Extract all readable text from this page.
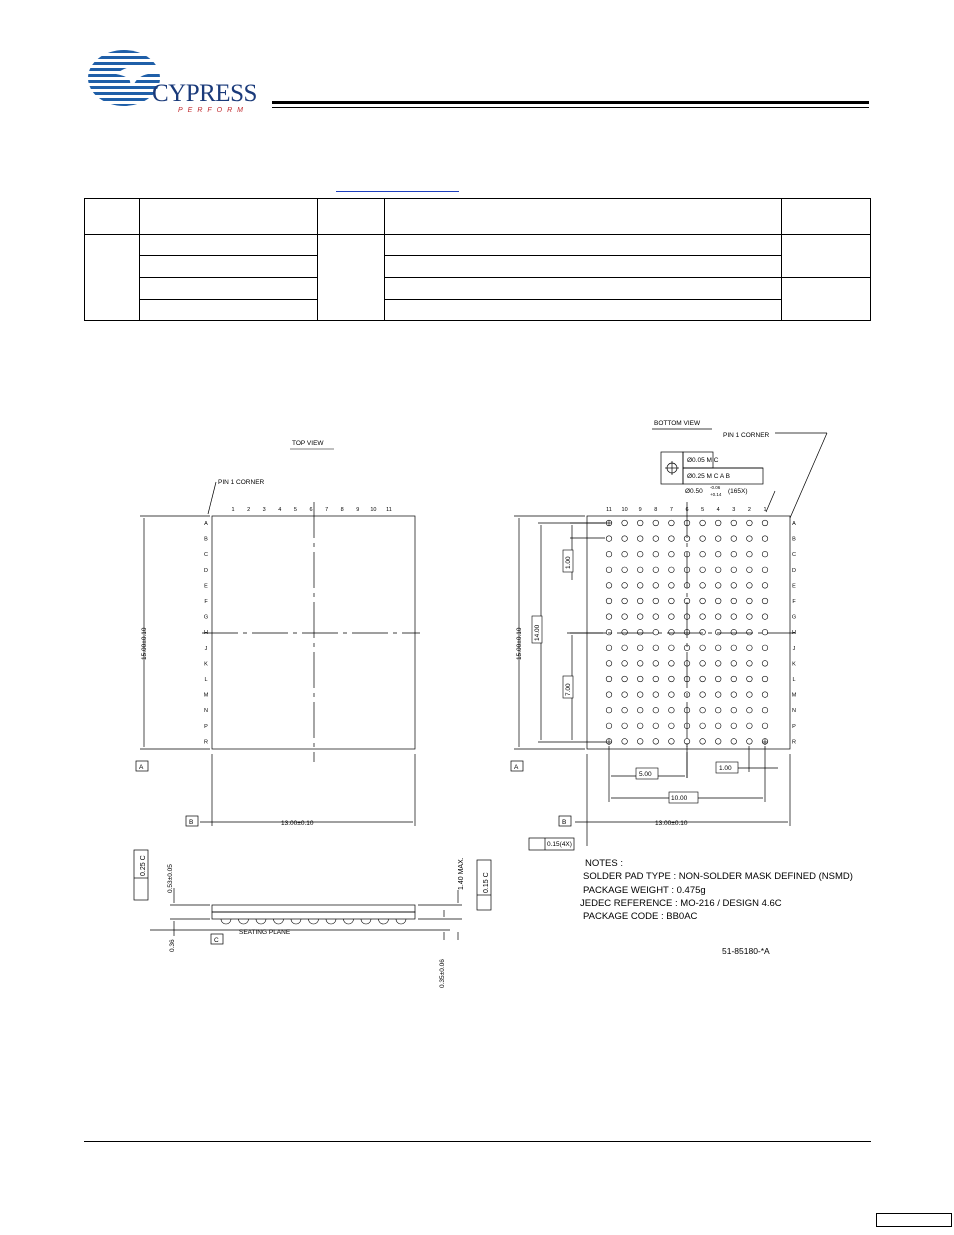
CYPRESS
PERFORM

1 2 3 4 5 6 7 8 9 10 11
A
B
C
D
E
F
G
H
J
K
L
M
N
P
R
11 10 9 8 7 6 5 4 3 2 1
A
B
C
D
E
F
G
H
J
K
L
M
N
P
R
TOP VIEW
PIN 1 CORNER
BOTTOM VIEW
PIN 1 CORNER
Ø0.05 M C
Ø0.25 M C A B
Ø0.50
-0.06
+0.14 (165X)
15.00±0.10
13.00±0.10
A
B
15.00±0.10
13.00±0.10
A
B
1.00
14.00
7.00
5.00
10.00
1.00
0.15(4X)
0.25 C	0.53±0.05	1.40 MAX.	0.15 C
0.36
0.35±0.06
SEATING PLANE
C
51-85180-*A
NOTES :
SOLDER PAD TYPE : NON-SOLDER MASK DEFINED (NSMD)
PACKAGE WEIGHT : 0.475g
JEDEC REFERENCE : MO-216 / DESIGN 4.6C
PACKAGE CODE : BB0AC
